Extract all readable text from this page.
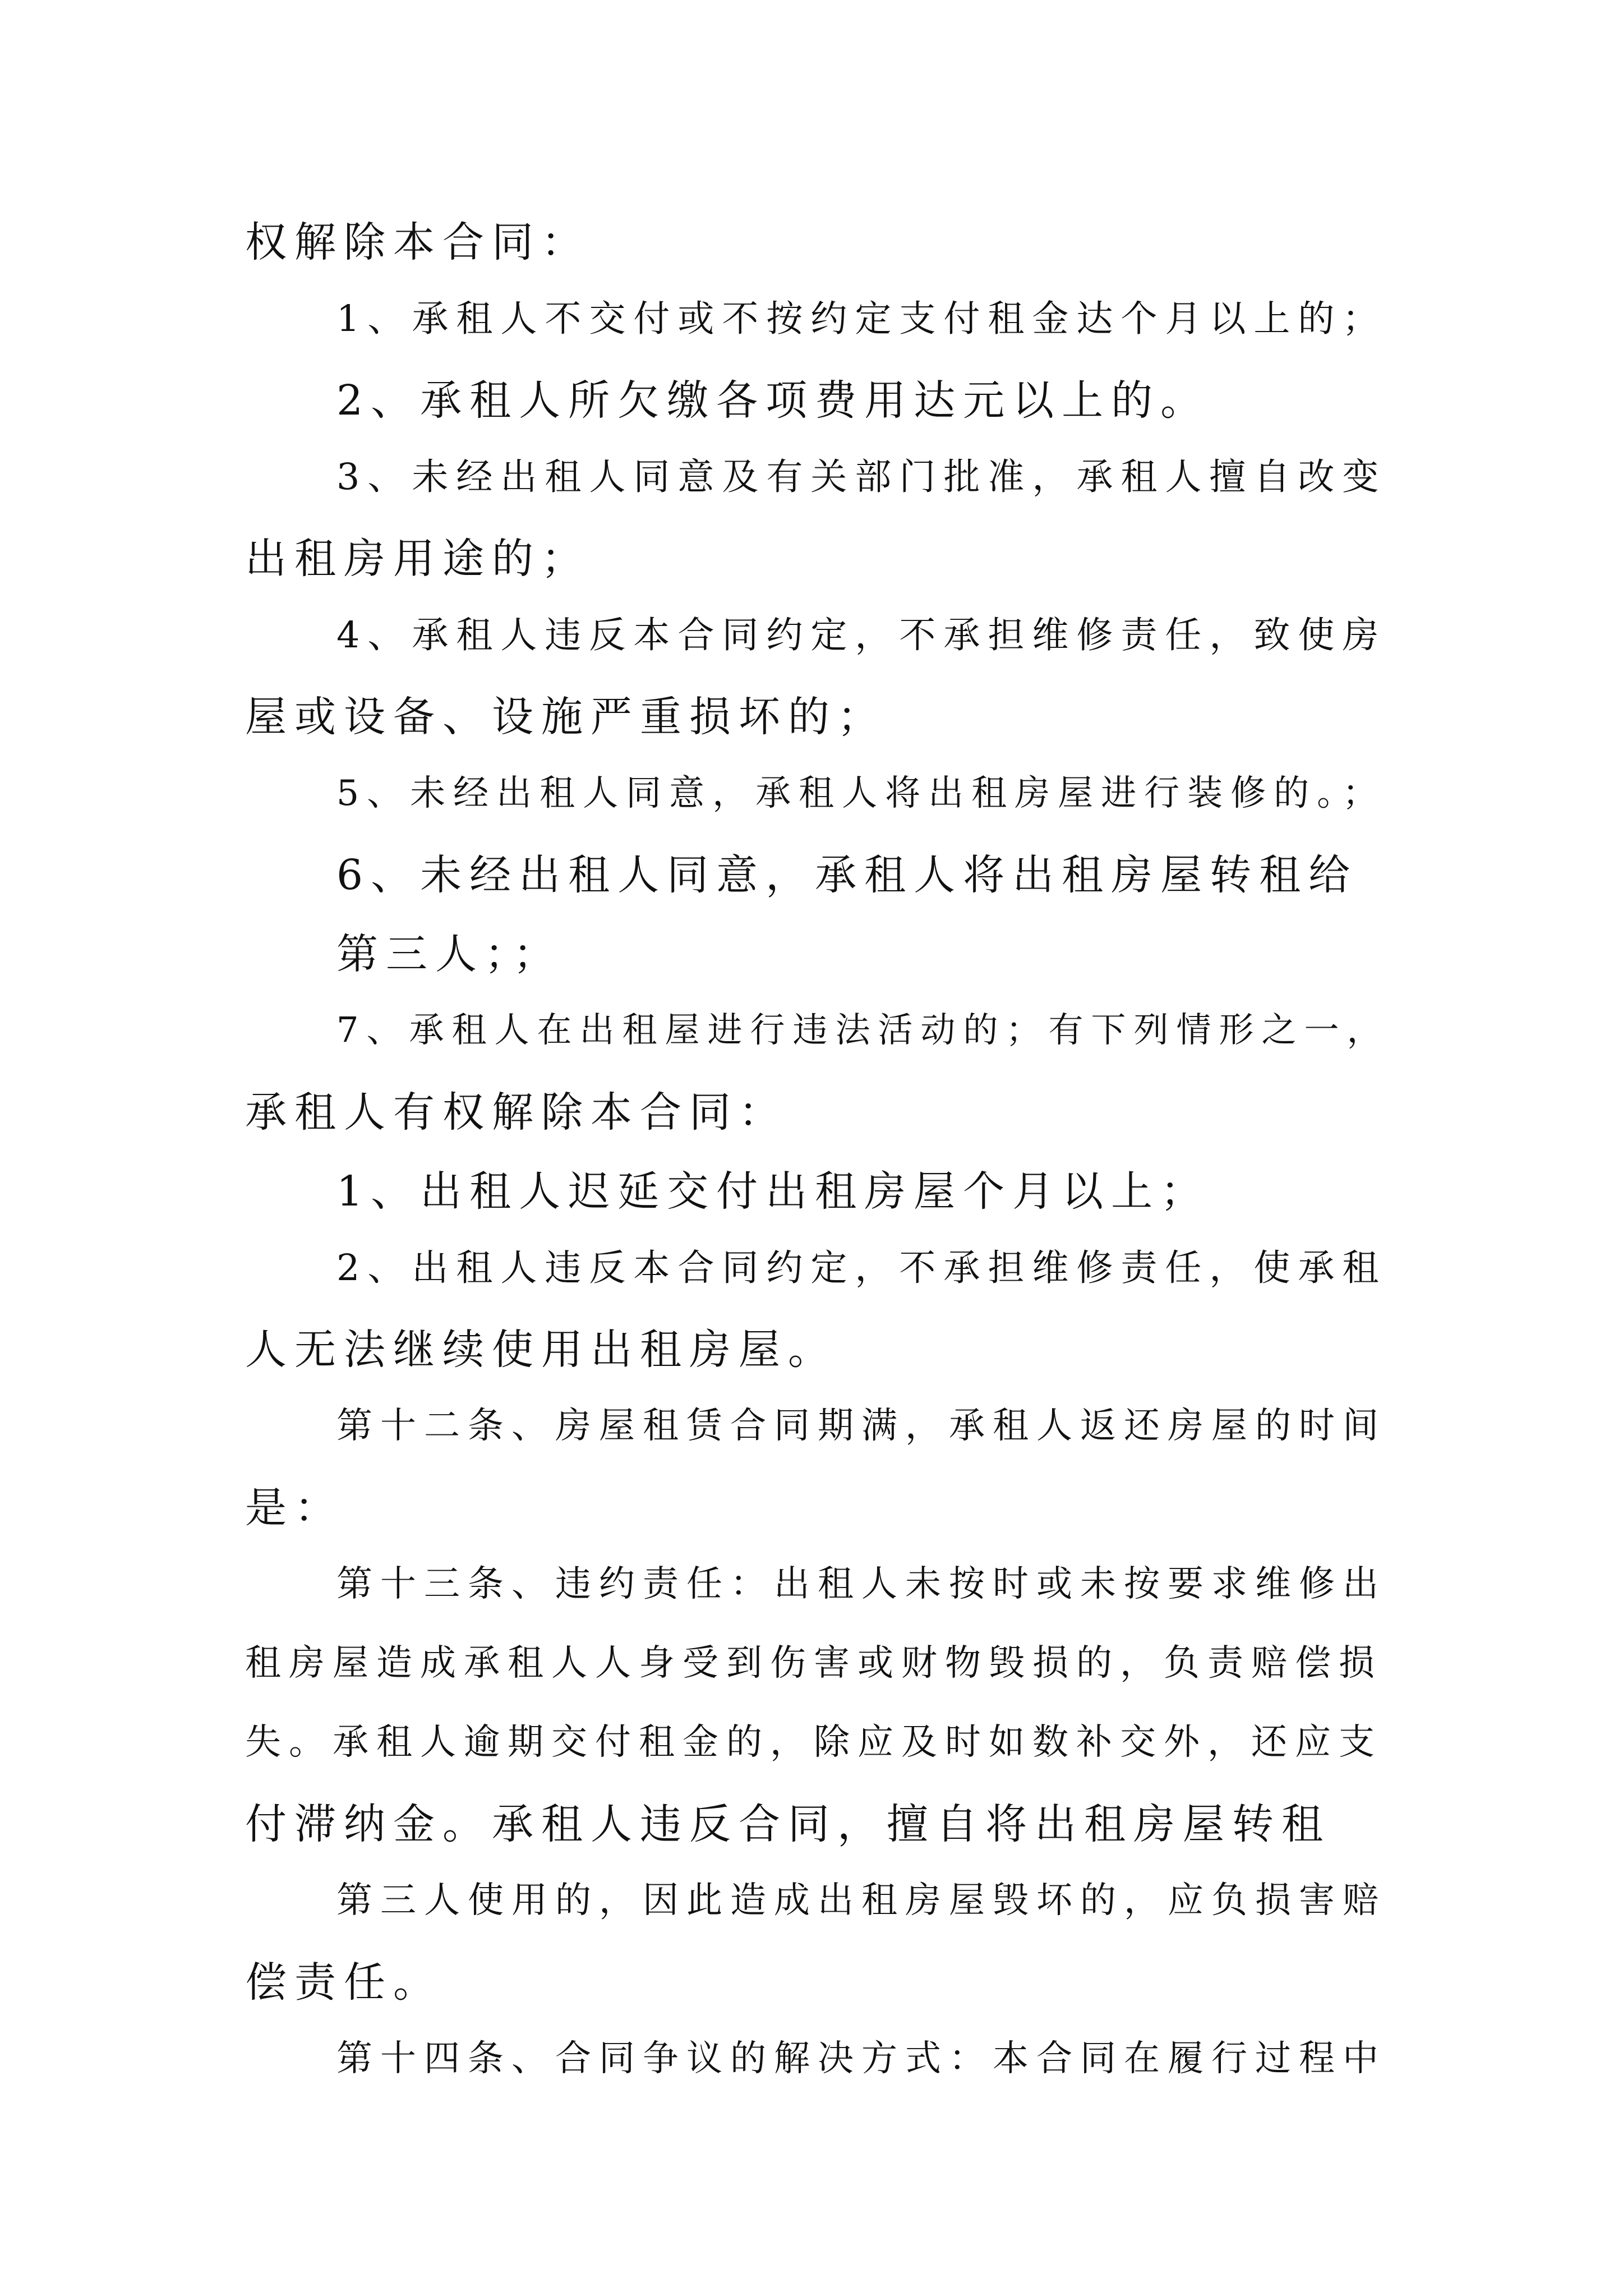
权解除本合同：
1、承租人不交付或不按约定支付租金达个月以上的；
2、承租人所欠缴各项费用达元以上的。
3、未经出租人同意及有关部门批准，承租人擅自改变
出租房用途的；
4、承租人违反本合同约定，不承担维修责任，致使房
屋或设备、设施严重损坏的；
5、未经出租人同意，承租人将出租房屋进行装修的。；
6、未经出租人同意，承租人将出租房屋转租给
第三人；；
7、承租人在出租屋进行违法活动的；有下列情形之一，
承租人有权解除本合同：
1、出租人迟延交付出租房屋个月以上；
2、出租人违反本合同约定，不承担维修责任，使承租
人无法继续使用出租房屋。
第十二条、房屋租赁合同期满，承租人返还房屋的时间
是：
第十三条、违约责任：出租人未按时或未按要求维修出
租房屋造成承租人人身受到伤害或财物毁损的，负责赔偿损
失。承租人逾期交付租金的，除应及时如数补交外，还应支
付滞纳金。承租人违反合同，擅自将出租房屋转租
第三人使用的，因此造成出租房屋毁坏的，应负损害赔
偿责任。
第十四条、合同争议的解决方式：本合同在履行过程中
